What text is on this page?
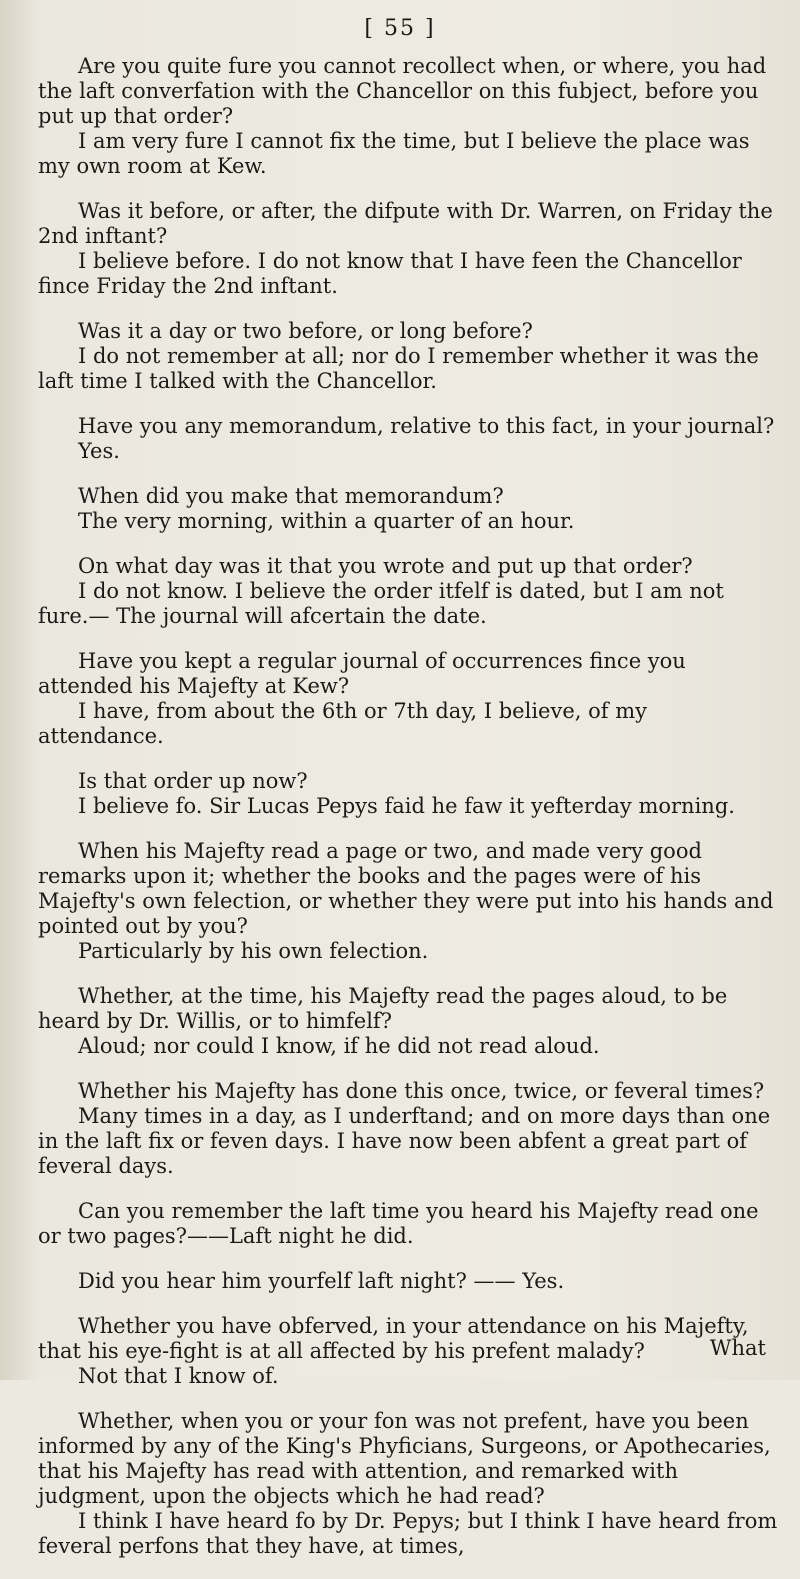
[ 55 ]

Are you quite fure you cannot recollect when, or where, you had the laft converfation with the Chancellor on this fubject, before you put up that order?

I am very fure I cannot fix the time, but I believe the place was my own room at Kew.

Was it before, or after, the difpute with Dr. Warren, on Friday the 2nd inftant?

I believe before. I do not know that I have feen the Chancellor fince Friday the 2nd inftant.

Was it a day or two before, or long before?

I do not remember at all; nor do I remember whether it was the laft time I talked with the Chancellor.

Have you any memorandum, relative to this fact, in your journal?

Yes.

When did you make that memorandum?

The very morning, within a quarter of an hour.

On what day was it that you wrote and put up that order?

I do not know. I believe the order itfelf is dated, but I am not fure.— The journal will afcertain the date.

Have you kept a regular journal of occurrences fince you attended his Majefty at Kew?

I have, from about the 6th or 7th day, I believe, of my attendance.

Is that order up now?

I believe fo. Sir Lucas Pepys faid he faw it yefterday morning.

When his Majefty read a page or two, and made very good remarks upon it; whether the books and the pages were of his Majefty's own felection, or whether they were put into his hands and pointed out by you?

Particularly by his own felection.

Whether, at the time, his Majefty read the pages aloud, to be heard by Dr. Willis, or to himfelf?

Aloud; nor could I know, if he did not read aloud.

Whether his Majefty has done this once, twice, or feveral times?

Many times in a day, as I underftand; and on more days than one in the laft fix or feven days. I have now been abfent a great part of feveral days.

Can you remember the laft time you heard his Majefty read one or two pages?——Laft night he did.

Did you hear him yourfelf laft night? —— Yes.

Whether you have obferved, in your attendance on his Majefty, that his eye-fight is at all affected by his prefent malady?

Not that I know of.

Whether, when you or your fon was not prefent, have you been informed by any of the King's Phyficians, Surgeons, or Apothecaries, that his Majefty has read with attention, and remarked with judgment, upon the objects which he had read?

I think I have heard fo by Dr. Pepys; but I think I have heard from feveral perfons that they have, at times,

What
